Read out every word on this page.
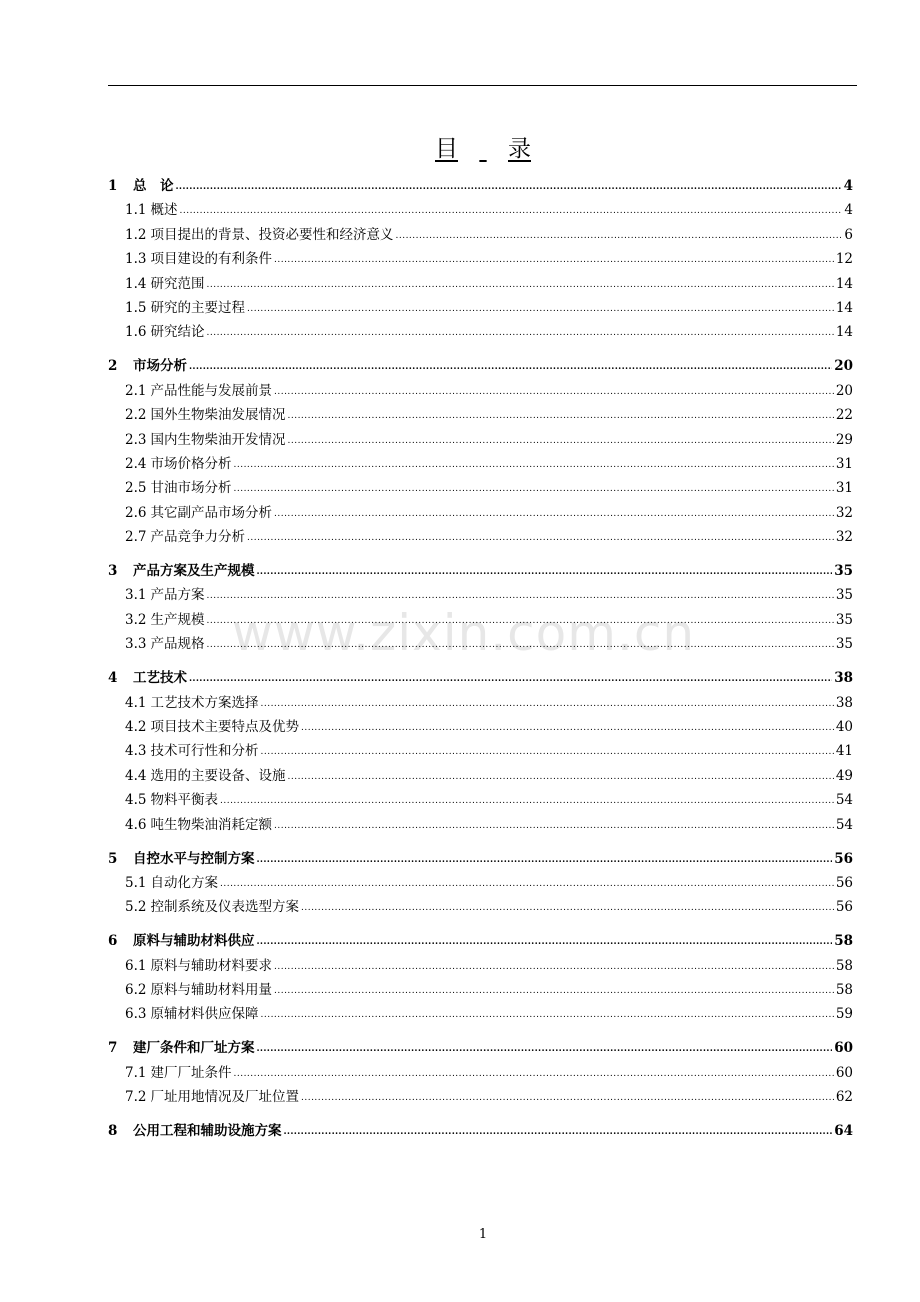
目 录
www.zixin.com.cn
1	总　论 .....	4
1.1 概述 .....	4
1.2 项目提出的背景、投资必要性和经济意义 .....	6
1.3 项目建设的有利条件 .....	12
1.4 研究范围 .....	14
1.5 研究的主要过程 .....	14
1.6 研究结论 .....	14
2	市场分析 .....	20
2.1 产品性能与发展前景 .....	20
2.2 国外生物柴油发展情况 .....	22
2.3 国内生物柴油开发情况 .....	29
2.4 市场价格分析 .....	31
2.5 甘油市场分析 .....	31
2.6 其它副产品市场分析 .....	32
2.7 产品竞争力分析 .....	32
3	产品方案及生产规模 .....	35
3.1 产品方案 .....	35
3.2 生产规模 .....	35
3.3 产品规格 .....	35
4	工艺技术 .....	38
4.1 工艺技术方案选择 .....	38
4.2 项目技术主要特点及优势 .....	40
4.3 技术可行性和分析 .....	41
4.4 选用的主要设备、设施 .....	49
4.5 物料平衡表 .....	54
4.6 吨生物柴油消耗定额 .....	54
5	自控水平与控制方案 .....	56
5.1 自动化方案 .....	56
5.2 控制系统及仪表选型方案 .....	56
6	原料与辅助材料供应 .....	58
6.1 原料与辅助材料要求 .....	58
6.2 原料与辅助材料用量 .....	58
6.3 原辅材料供应保障 .....	59
7	建厂条件和厂址方案 .....	60
7.1 建厂厂址条件 .....	60
7.2 厂址用地情况及厂址位置 .....	62
8	公用工程和辅助设施方案 .....	64
1
